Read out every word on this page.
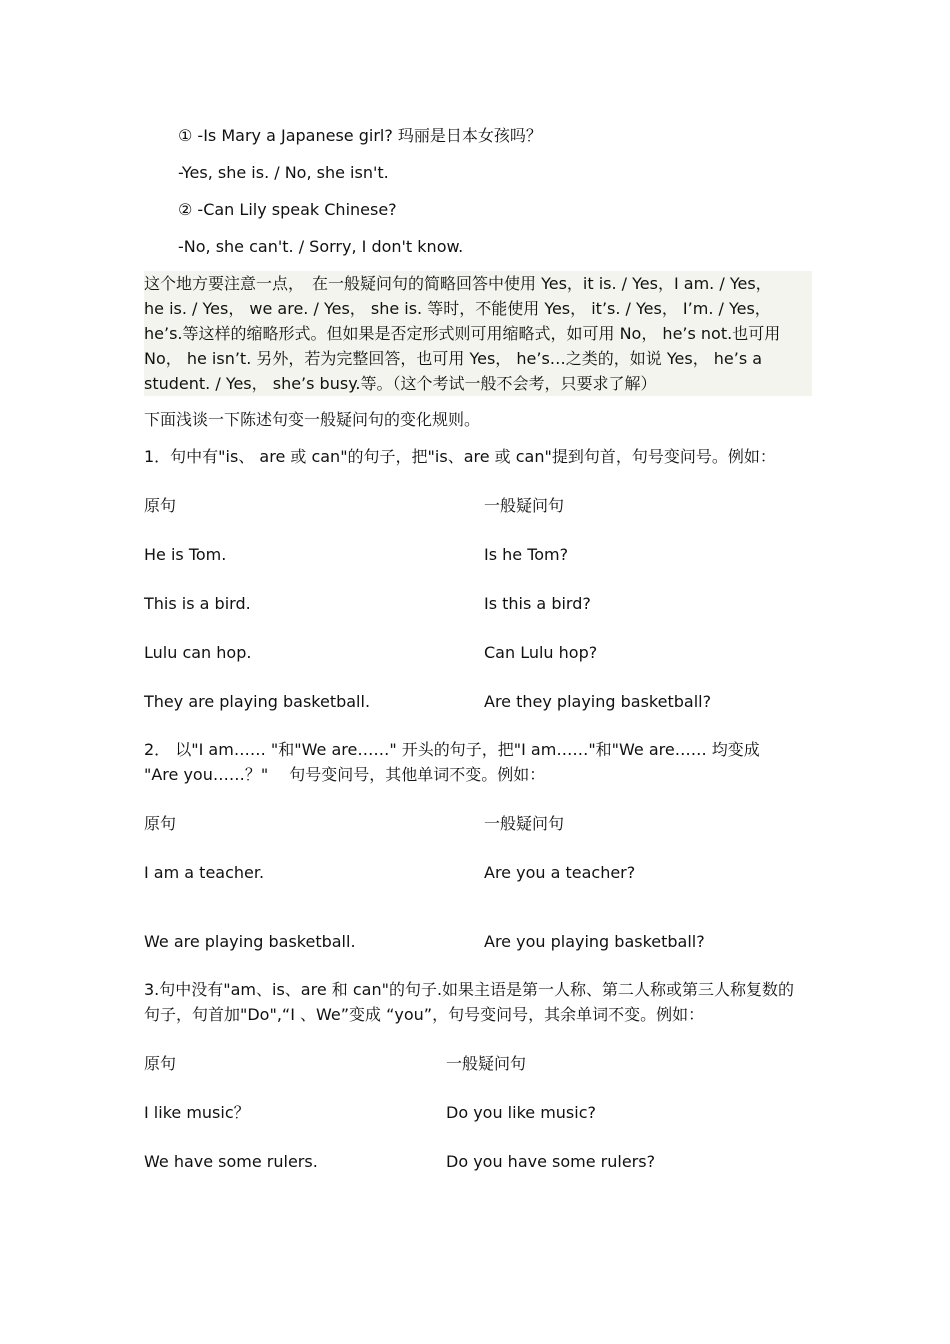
① -Is Mary a Japanese girl? 玛丽是日本女孩吗？
-Yes, she is. / No, she isn't.
② -Can Lily speak Chinese?
-No, she can't. / Sorry, I don't know.
这个地方要注意一点，　在一般疑问句的简略回答中使用 Yes，it is. / Yes，I am. / Yes，
he is. / Yes， we are. / Yes， she is. 等时，不能使用 Yes， it’s. / Yes， I’m. / Yes，
he’s.等这样的缩略形式。但如果是否定形式则可用缩略式，如可用 No， he’s not.也可用
No， he isn’t. 另外，若为完整回答，也可用 Yes， he’s…之类的，如说 Yes， he’s a
student. / Yes， she’s busy.等。（这个考试一般不会考，只要求了解）
下面浅谈一下陈述句变一般疑问句的变化规则。
1．句中有"is、 are 或 can"的句子，把"is、are 或 can"提到句首，句号变问号。例如：
原句	一般疑问句
He is Tom.	Is he Tom?
This is a bird.	Is this a bird?
Lulu can hop.	Can Lulu hop?
They are playing basketball.	Are they playing basketball?
2． 以"I am…… "和"We are……" 开头的句子，把"I am……"和"We are…… 均变成
"Are you……？"　 句号变问号，其他单词不变。例如：
原句	一般疑问句
I am a teacher.	Are you a teacher?
We are playing basketball.	Are you playing basketball?
3.句中没有"am、is、are 和 can"的句子.如果主语是第一人称、第二人称或第三人称复数的
句子，句首加"Do",“I 、We”变成 “you”，句号变问号，其余单词不变。例如：
原句	一般疑问句
I like music？	Do you like music?
We have some rulers.	Do you have some rulers?
